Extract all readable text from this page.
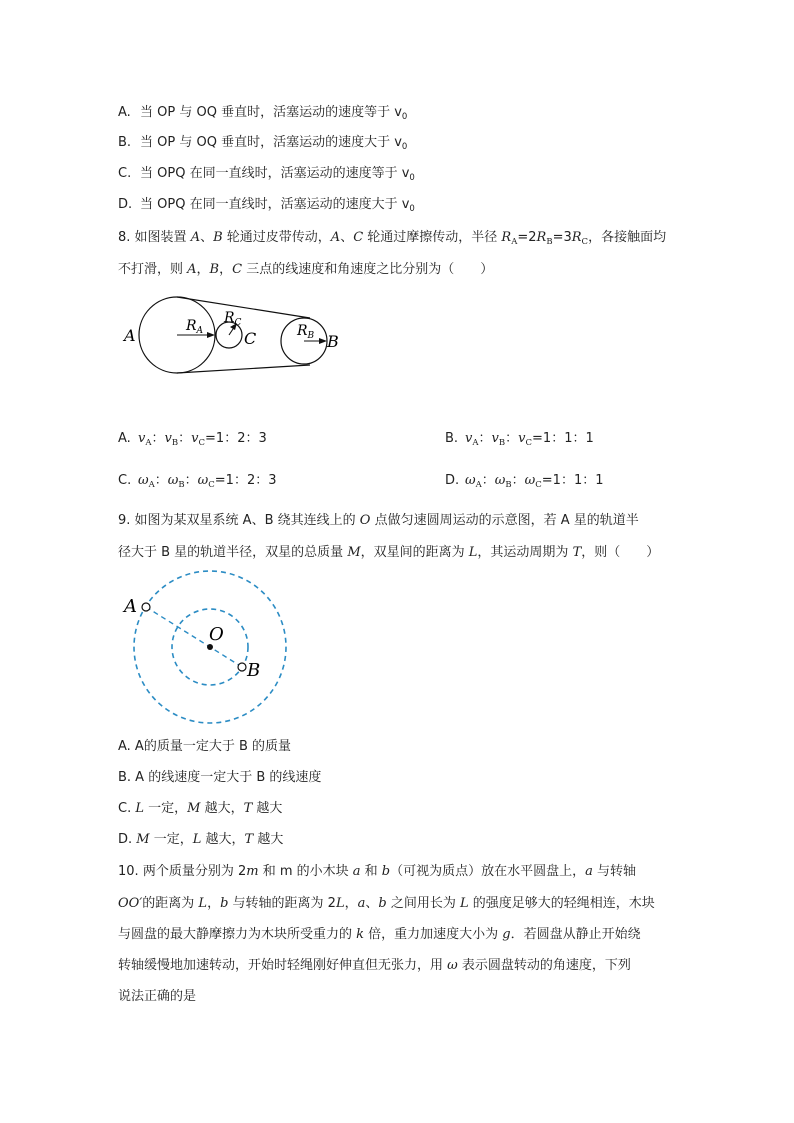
A. 当 OP 与 OQ 垂直时，活塞运动的速度等于 $v_0$
B. 当 OP 与 OQ 垂直时，活塞运动的速度大于 $v_0$
C. 当 OPQ 在同一直线时，活塞运动的速度等于 $v_0$
D. 当 OPQ 在同一直线时，活塞运动的速度大于 $v_0$
8. 如图装置 A、B 轮通过皮带传动，A、C 轮通过摩擦传动，半径 $R_A=2R_B=3R_C$，各接触面均
不打滑，则 A，B，C 三点的线速度和角速度之比分别为（　　）
A	$R_A$
$R_C$
C	$R_B$ B
A. $v_A$：$v_B$：$v_C=1$：2：3	B. $v_A$：$v_B$：$v_C=1$：1：1
C. $\omega_A$：$\omega_B$：$\omega_C=1$：2：3	D. $\omega_A$：$\omega_B$：$\omega_C=1$：1：1
9. 如图为某双星系统 A、B 绕其连线上的 O 点做匀速圆周运动的示意图，若 A 星的轨道半
径大于 B 星的轨道半径，双星的总质量 M，双星间的距离为 L，其运动周期为 T，则（　　）
A
O
B
A. A的质量一定大于 B 的质量
B. A 的线速度一定大于 B 的线速度
C. L 一定，M 越大，T 越大
D. M 一定，L 越大，T 越大
10. 两个质量分别为 2m 和 m 的小木块 a 和 b（可视为质点）放在水平圆盘上，a 与转轴
OO′的距离为 L，b 与转轴的距离为 2L，a、b 之间用长为 L 的强度足够大的轻绳相连，木块
与圆盘的最大静摩擦力为木块所受重力的 k 倍，重力加速度大小为 g．若圆盘从静止开始绕
转轴缓慢地加速转动，开始时轻绳刚好伸直但无张力，用 ω 表示圆盘转动的角速度，下列
说法正确的是
